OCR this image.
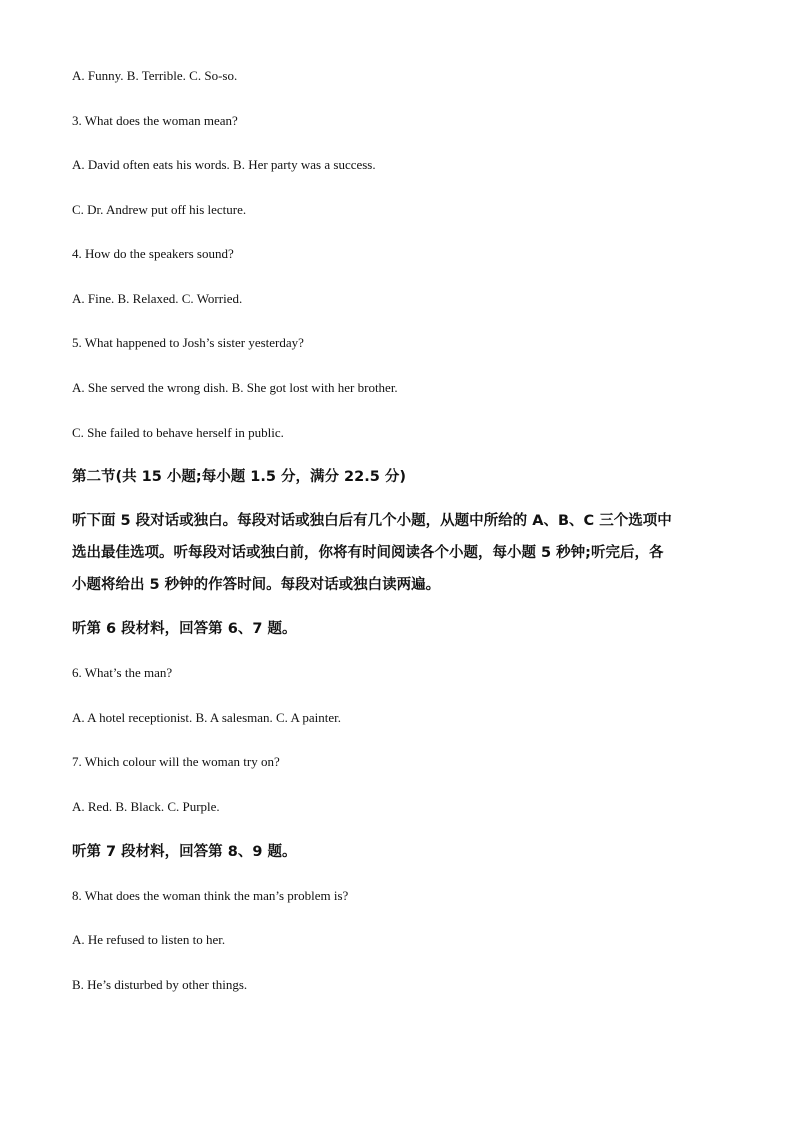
A. Funny. B. Terrible. C. So-so.
3. What does the woman mean?
A. David often eats his words. B. Her party was a success.
C. Dr. Andrew put off his lecture.
4. How do the speakers sound?
A. Fine. B. Relaxed. C. Worried.
5. What happened to Josh’s sister yesterday?
A. She served the wrong dish. B. She got lost with her brother.
C. She failed to behave herself in public.
第二节(共 15 小题;每小题 1.5 分，满分 22.5 分)
听下面 5 段对话或独白。每段对话或独白后有几个小题，从题中所给的 A、B、C 三个选项中
选出最佳选项。听每段对话或独白前，你将有时间阅读各个小题，每小题 5 秒钟;听完后，各
小题将给出 5 秒钟的作答时间。每段对话或独白读两遍。
听第 6 段材料，回答第 6、7 题。
6. What’s the man?
A. A hotel receptionist. B. A salesman. C. A painter.
7. Which colour will the woman try on?
A. Red. B. Black. C. Purple.
听第 7 段材料，回答第 8、9 题。
8. What does the woman think the man’s problem is?
A. He refused to listen to her.
B. He’s disturbed by other things.
